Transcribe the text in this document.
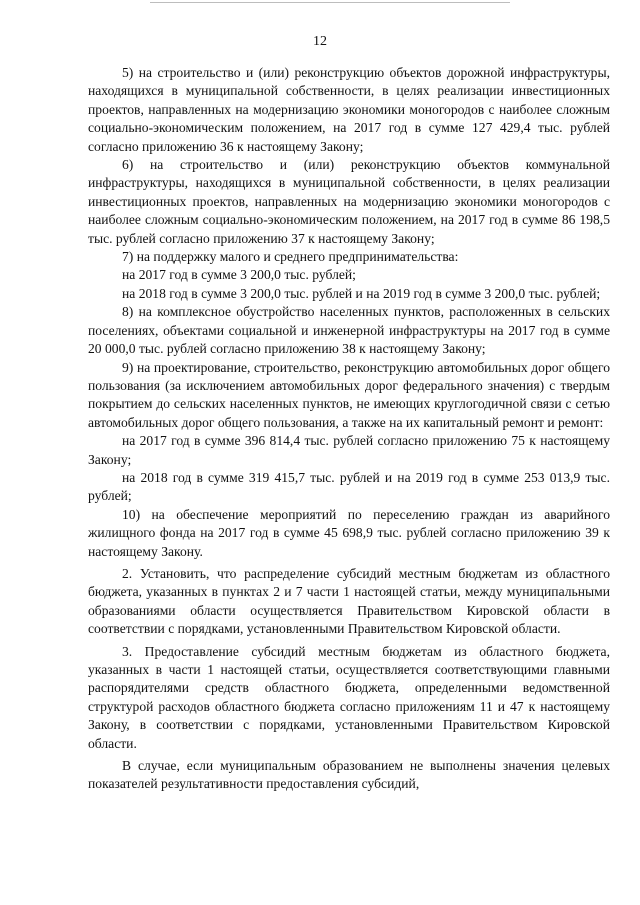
12

5) на строительство и (или) реконструкцию объектов дорожной инфраструктуры, находящихся в муниципальной собственности, в целях реализации инвестиционных проектов, направленных на модернизацию экономики моногородов с наиболее сложным социально-экономическим положением, на 2017 год в сумме 127 429,4 тыс. рублей согласно приложению 36 к настоящему Закону;

6) на строительство и (или) реконструкцию объектов коммунальной инфраструктуры, находящихся в муниципальной собственности, в целях реализации инвестиционных проектов, направленных на модернизацию экономики моногородов с наиболее сложным социально-экономическим положением, на 2017 год в сумме 86 198,5 тыс. рублей согласно приложению 37 к настоящему Закону;

7) на поддержку малого и среднего предпринимательства:

на 2017 год в сумме 3 200,0 тыс. рублей;

на 2018 год в сумме 3 200,0 тыс. рублей и на 2019 год в сумме 3 200,0 тыс. рублей;

8) на комплексное обустройство населенных пунктов, расположенных в сельских поселениях, объектами социальной и инженерной инфраструктуры на 2017 год в сумме 20 000,0 тыс. рублей согласно приложению 38 к настоящему Закону;

9) на проектирование, строительство, реконструкцию автомобильных дорог общего пользования (за исключением автомобильных дорог федерального значения) с твердым покрытием до сельских населенных пунктов, не имеющих круглогодичной связи с сетью автомобильных дорог общего пользования, а также на их капитальный ремонт и ремонт:

на 2017 год в сумме 396 814,4 тыс. рублей согласно приложению 75 к настоящему Закону;

на 2018 год в сумме 319 415,7 тыс. рублей и на 2019 год в сумме 253 013,9 тыс. рублей;

10) на обеспечение мероприятий по переселению граждан из аварийного жилищного фонда на 2017 год в сумме 45 698,9 тыс. рублей согласно приложению 39 к настоящему Закону.

2. Установить, что распределение субсидий местным бюджетам из областного бюджета, указанных в пунктах 2 и 7 части 1 настоящей статьи, между муниципальными образованиями области осуществляется Правительством Кировской области в соответствии с порядками, установленными Правительством Кировской области.

3. Предоставление субсидий местным бюджетам из областного бюджета, указанных в части 1 настоящей статьи, осуществляется соответствующими главными распорядителями средств областного бюджета, определенными ведомственной структурой расходов областного бюджета согласно приложениям 11 и 47 к настоящему Закону, в соответствии с порядками, установленными Правительством Кировской области.

В случае, если муниципальным образованием не выполнены значения целевых показателей результативности предоставления субсидий,
